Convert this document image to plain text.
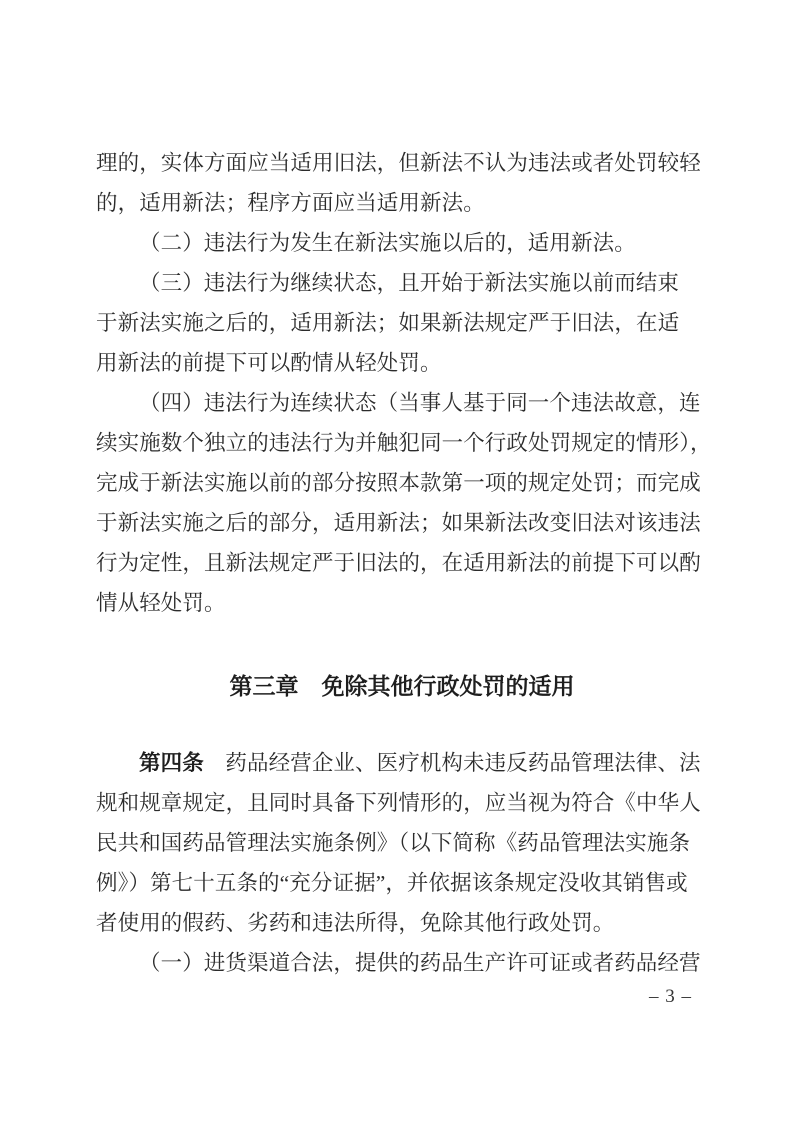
理的，实体方面应当适用旧法，但新法不认为违法或者处罚较轻

的，适用新法；程序方面应当适用新法。

（二）违法行为发生在新法实施以后的，适用新法。

（三）违法行为继续状态，且开始于新法实施以前而结束

于新法实施之后的，适用新法；如果新法规定严于旧法，在适

用新法的前提下可以酌情从轻处罚。

（四）违法行为连续状态（当事人基于同一个违法故意，连

续实施数个独立的违法行为并触犯同一个行政处罚规定的情形），

完成于新法实施以前的部分按照本款第一项的规定处罚；而完成

于新法实施之后的部分，适用新法；如果新法改变旧法对该违法

行为定性，且新法规定严于旧法的，在适用新法的前提下可以酌

情从轻处罚。

第三章　免除其他行政处罚的适用

第四条　药品经营企业、医疗机构未违反药品管理法律、法

规和规章规定，且同时具备下列情形的，应当视为符合《中华人

民共和国药品管理法实施条例》（以下简称《药品管理法实施条

例》）第七十五条的“充分证据”，并依据该条规定没收其销售或

者使用的假药、劣药和违法所得，免除其他行政处罚。

（一）进货渠道合法，提供的药品生产许可证或者药品经营

– 3 –
